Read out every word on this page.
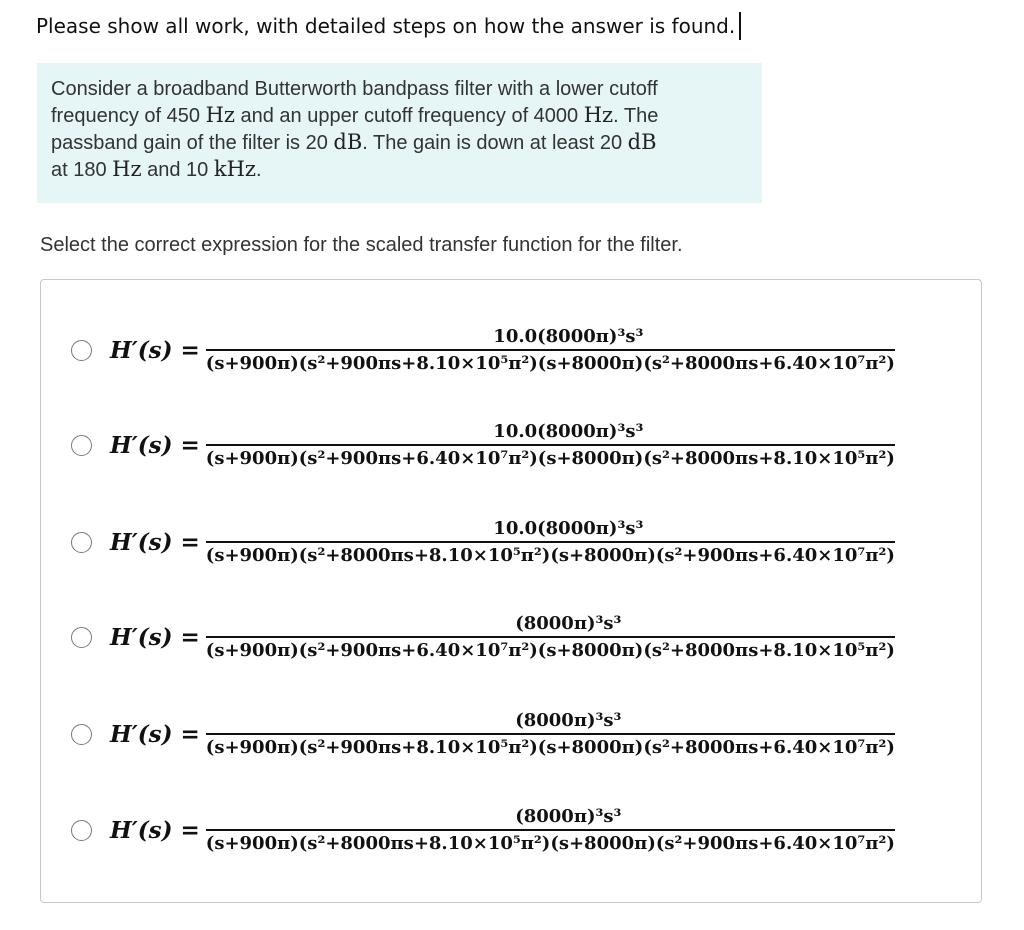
Please show all work, with detailed steps on how the answer is found.
Consider a broadband Butterworth bandpass filter with a lower cutoff
frequency of 450 Hz and an upper cutoff frequency of 4000 Hz. The
passband gain of the filter is 20 dB. The gain is down at least 20 dB
at 180 Hz and 10 kHz.
Select the correct expression for the scaled transfer function for the filter.
$H'(s) = \frac{\text{10.0(8000π)³s³}}{\text{(s+900π)(s²+900πs+8.10×10⁵π²)(s+8000π)(s²+8000πs+6.40×10⁷π²)}}$
$H'(s) = \frac{\text{10.0(8000π)³s³}}{\text{(s+900π)(s²+900πs+6.40×10⁷π²)(s+8000π)(s²+8000πs+8.10×10⁵π²)}}$
$H'(s) = \frac{\text{10.0(8000π)³s³}}{\text{(s+900π)(s²+8000πs+8.10×10⁵π²)(s+8000π)(s²+900πs+6.40×10⁷π²)}}$
$H'(s) = \frac{\text{(8000π)³s³}}{\text{(s+900π)(s²+900πs+6.40×10⁷π²)(s+8000π)(s²+8000πs+8.10×10⁵π²)}}$
$H'(s) = \frac{\text{(8000π)³s³}}{\text{(s+900π)(s²+900πs+8.10×10⁵π²)(s+8000π)(s²+8000πs+6.40×10⁷π²)}}$
$H'(s) = \frac{\text{(8000π)³s³}}{\text{(s+900π)(s²+8000πs+8.10×10⁵π²)(s+8000π)(s²+900πs+6.40×10⁷π²)}}$
